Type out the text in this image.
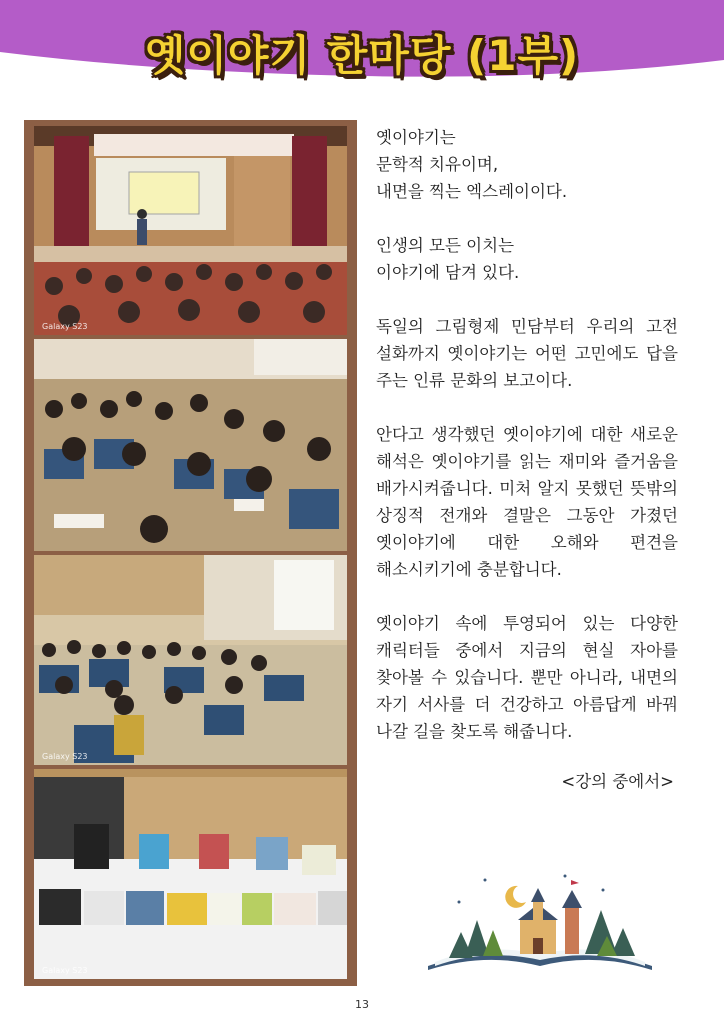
옛이야기 한마당 (1부)
Galaxy S23
Galaxy S23
Galaxy S23

옛이야기는
문학적 치유이며,
내면을 찍는 엑스레이이다.

인생의 모든 이치는
이야기에 담겨 있다.

독일의 그림형제 민담부터 우리의 고전 설화까지 옛이야기는 어떤 고민에도 답을 주는 인류 문화의 보고이다.

안다고 생각했던 옛이야기에 대한 새로운 해석은 옛이야기를 읽는 재미와 즐거움을 배가시켜줍니다. 미처 알지 못했던 뜻밖의 상징적 전개와 결말은 그동안 가졌던 옛이야기에 대한 오해와 편견을 해소시키기에 충분합니다.

옛이야기 속에 투영되어 있는 다양한 캐릭터들 중에서 지금의 현실 자아를 찾아볼 수 있습니다. 뿐만 아니라, 내면의 자기 서사를 더 건강하고 아름답게 바꿔 나갈 길을 찾도록 해줍니다.

<강의 중에서>
13
